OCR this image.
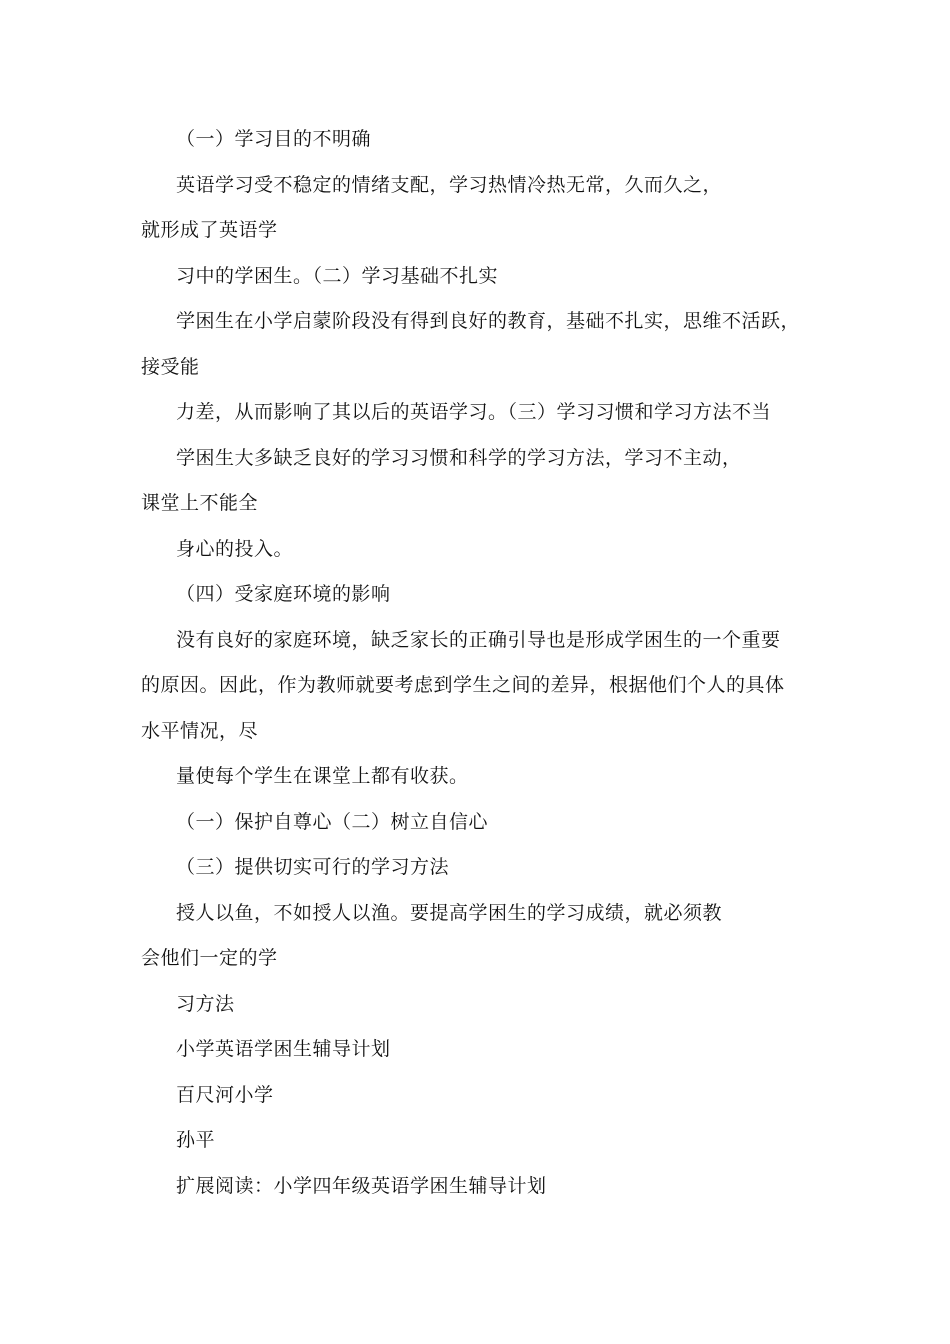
（一）学习目的不明确
英语学习受不稳定的情绪支配，学习热情冷热无常，久而久之，
就形成了英语学
习中的学困生。（二）学习基础不扎实
学困生在小学启蒙阶段没有得到良好的教育，基础不扎实，思维不活跃，
接受能
力差，从而影响了其以后的英语学习。（三）学习习惯和学习方法不当
学困生大多缺乏良好的学习习惯和科学的学习方法，学习不主动，
课堂上不能全
身心的投入。
（四）受家庭环境的影响
没有良好的家庭环境，缺乏家长的正确引导也是形成学困生的一个重要
的原因。因此，作为教师就要考虑到学生之间的差异，根据他们个人的具体
水平情况，尽
量使每个学生在课堂上都有收获。
（一）保护自尊心（二）树立自信心
（三）提供切实可行的学习方法
授人以鱼，不如授人以渔。要提高学困生的学习成绩，就必须教
会他们一定的学
习方法
小学英语学困生辅导计划
百尺河小学
孙平
扩展阅读：小学四年级英语学困生辅导计划
